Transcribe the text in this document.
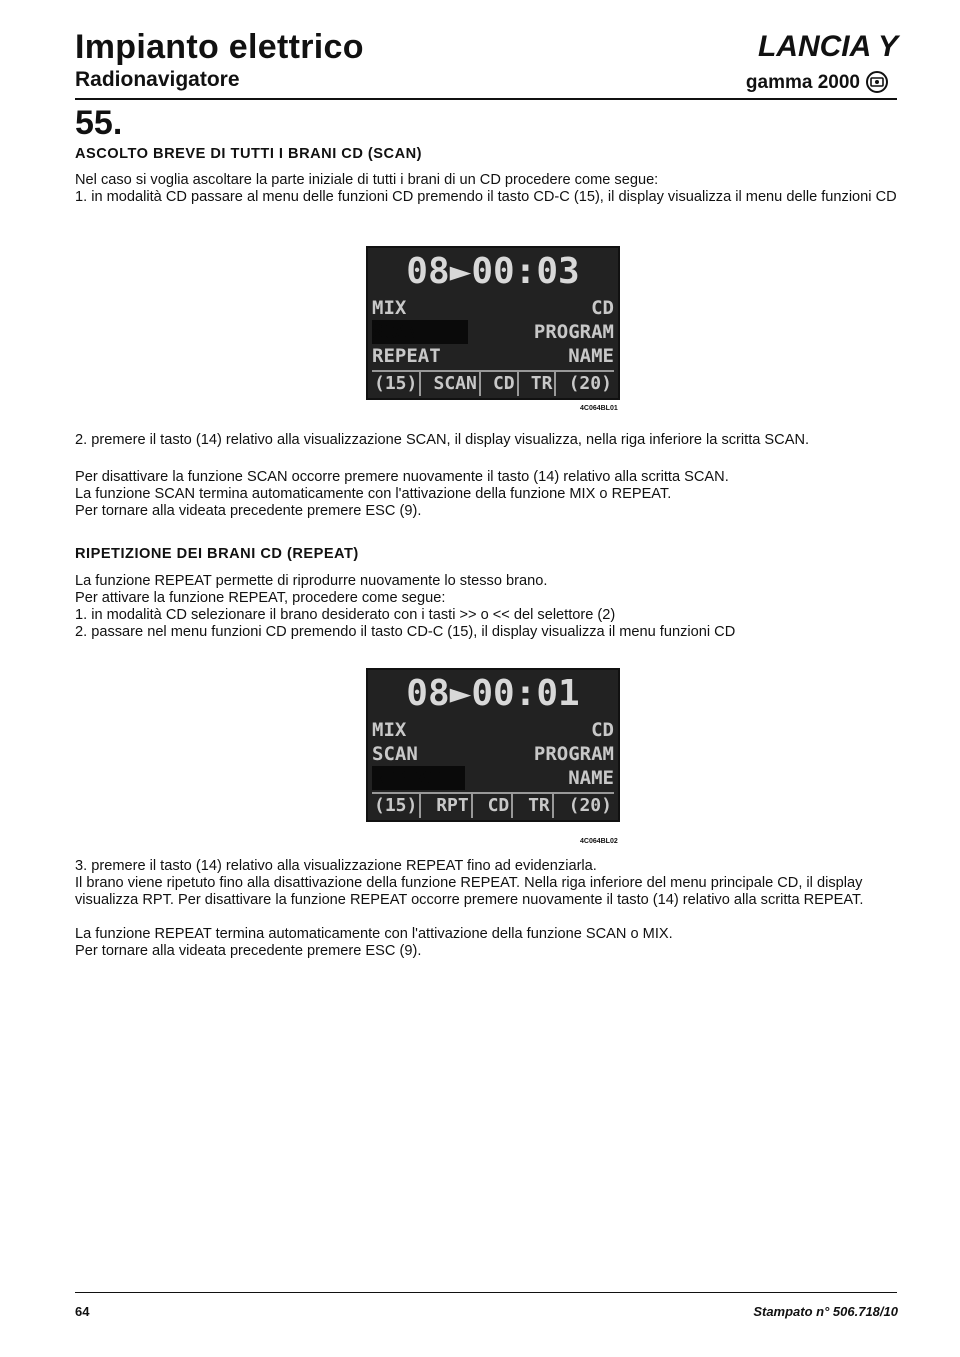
Impianto elettrico
Radionavigatore
LANCIA Y
gamma 2000
55.
ASCOLTO BREVE DI TUTTI I BRANI CD (SCAN)
Nel caso si voglia ascoltare la parte iniziale di tutti i brani di un CD procedere come segue:
1. in modalità CD passare al menu delle funzioni CD premendo il tasto CD-C (15), il display visualizza il menu delle funzioni CD
08►00:03
MIX	CD
SCAN	PROGRAM
REPEAT	NAME
(15) SCAN CD TR (20)
4C064BL01
2. premere il tasto (14) relativo alla visualizzazione SCAN, il display visualizza, nella riga inferiore la scritta SCAN.
Per disattivare la funzione SCAN occorre premere nuovamente il tasto (14) relativo alla scritta SCAN.
La funzione SCAN termina automaticamente con l'attivazione della funzione MIX o REPEAT.
Per tornare alla videata precedente premere ESC (9).
RIPETIZIONE DEI BRANI CD (REPEAT)
La funzione REPEAT permette di riprodurre nuovamente lo stesso brano.
Per attivare la funzione REPEAT, procedere come segue:
1. in modalità CD selezionare il brano desiderato con i tasti >> o << del selettore (2)
2. passare nel menu funzioni CD premendo il tasto CD-C (15), il display visualizza il menu funzioni CD
08►00:01
MIX	CD
SCAN	PROGRAM
REPEAT	NAME
(15) RPT CD TR (20)
4C064BL02
3. premere il tasto (14) relativo alla visualizzazione REPEAT fino ad evidenziarla.
Il brano viene ripetuto fino alla disattivazione della funzione REPEAT. Nella riga inferiore del menu principale CD, il display visualizza RPT. Per disattivare la funzione REPEAT occorre premere nuovamente il tasto (14) relativo alla scritta REPEAT.
La funzione REPEAT termina automaticamente con l'attivazione della funzione SCAN o MIX.
Per tornare alla videata precedente premere ESC (9).
64	Stampato n° 506.718/10
